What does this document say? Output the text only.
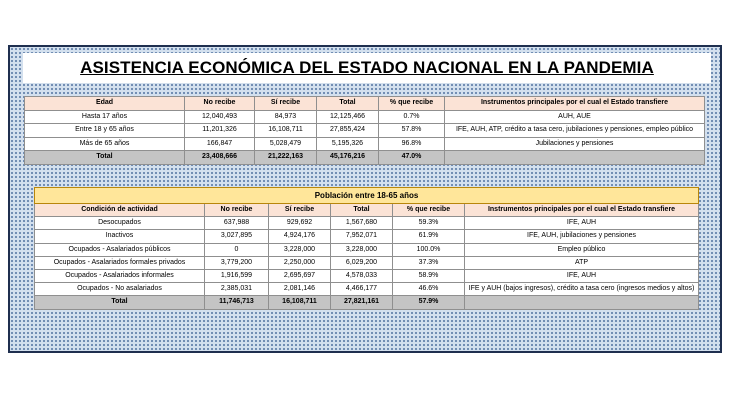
ASISTENCIA ECONÓMICA DEL ESTADO NACIONAL EN LA PANDEMIA
Edad	No recibe	Sí recibe	Total	% que recibe	Instrumentos principales por el cual el Estado transfiere
Hasta 17 años	12,040,493	84,973	12,125,466	0.7%	AUH, AUE
Entre 18 y 65 años	11,201,326	16,108,711	27,855,424	57.8%	IFE, AUH, ATP, crédito a tasa cero, jubilaciones y pensiones, empleo público
Más de 65 años	166,847	5,028,479	5,195,326	96.8%	Jubilaciones y pensiones
Total	23,408,666	21,222,163	45,176,216	47.0%	
Población entre 18-65 años					
Condición de actividad	No recibe	Sí recibe	Total	% que recibe	Instrumentos principales por el cual el Estado transfiere
Desocupados	637,988	929,692	1,567,680	59.3%	IFE, AUH
Inactivos	3,027,895	4,924,176	7,952,071	61.9%	IFE, AUH, jubilaciones y pensiones
Ocupados - Asalariados públicos	0	3,228,000	3,228,000	100.0%	Empleo público
Ocupados - Asalariados formales privados	3,779,200	2,250,000	6,029,200	37.3%	ATP
Ocupados - Asalariados informales	1,916,599	2,695,697	4,578,033	58.9%	IFE, AUH
Ocupados - No asalariados	2,385,031	2,081,146	4,466,177	46.6%	IFE y AUH (bajos ingresos), crédito a tasa cero (ingresos medios y altos)
Total	11,746,713	16,108,711	27,821,161	57.9%	
